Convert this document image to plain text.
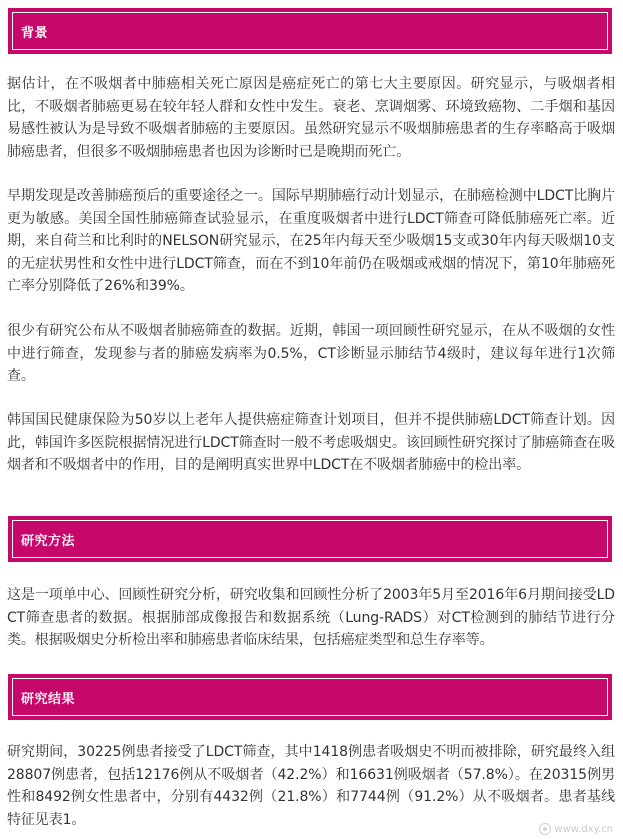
背景

据估计，在不吸烟者中肺癌相关死亡原因是癌症死亡的第七大主要原因。研究显示，与吸烟者相比，不吸烟者肺癌更易在较年轻人群和女性中发生。衰老、烹调烟雾、环境致癌物、二手烟和基因易感性被认为是导致不吸烟者肺癌的主要原因。虽然研究显示不吸烟肺癌患者的生存率略高于吸烟肺癌患者，但很多不吸烟肺癌患者也因为诊断时已是晚期而死亡。

早期发现是改善肺癌预后的重要途径之一。国际早期肺癌行动计划显示，在肺癌检测中LDCT比胸片更为敏感。美国全国性肺癌筛查试验显示，在重度吸烟者中进行LDCT筛查可降低肺癌死亡率。近期，来自荷兰和比利时的NELSON研究显示，在25年内每天至少吸烟15支或30年内每天吸烟10支的无症状男性和女性中进行LDCT筛查，而在不到10年前仍在吸烟或戒烟的情况下，第10年肺癌死亡率分别降低了26%和39%。

很少有研究公布从不吸烟者肺癌筛查的数据。近期，韩国一项回顾性研究显示，在从不吸烟的女性中进行筛查，发现参与者的肺癌发病率为0.5%，CT诊断显示肺结节4级时，建议每年进行1次筛查。

韩国国民健康保险为50岁以上老年人提供癌症筛查计划项目，但并不提供肺癌LDCT筛查计划。因此，韩国许多医院根据情况进行LDCT筛查时一般不考虑吸烟史。该回顾性研究探讨了肺癌筛查在吸烟者和不吸烟者中的作用，目的是阐明真实世界中LDCT在不吸烟者肺癌中的检出率。

研究方法

这是一项单中心、回顾性研究分析，研究收集和回顾性分析了2003年5月至2016年6月期间接受LDCT筛查患者的数据。根据肺部成像报告和数据系统（Lung-RADS）对CT检测到的肺结节进行分类。根据吸烟史分析检出率和肺癌患者临床结果，包括癌症类型和总生存率等。

研究结果

研究期间，30225例患者接受了LDCT筛查，其中1418例患者吸烟史不明而被排除，研究最终入组28807例患者，包括12176例从不吸烟者（42.2%）和16631例吸烟者（57.8%）。在20315例男性和8492例女性患者中，分别有4432例（21.8%）和7744例（91.2%）从不吸烟者。患者基线特征见表1。

www.dxy.cn
